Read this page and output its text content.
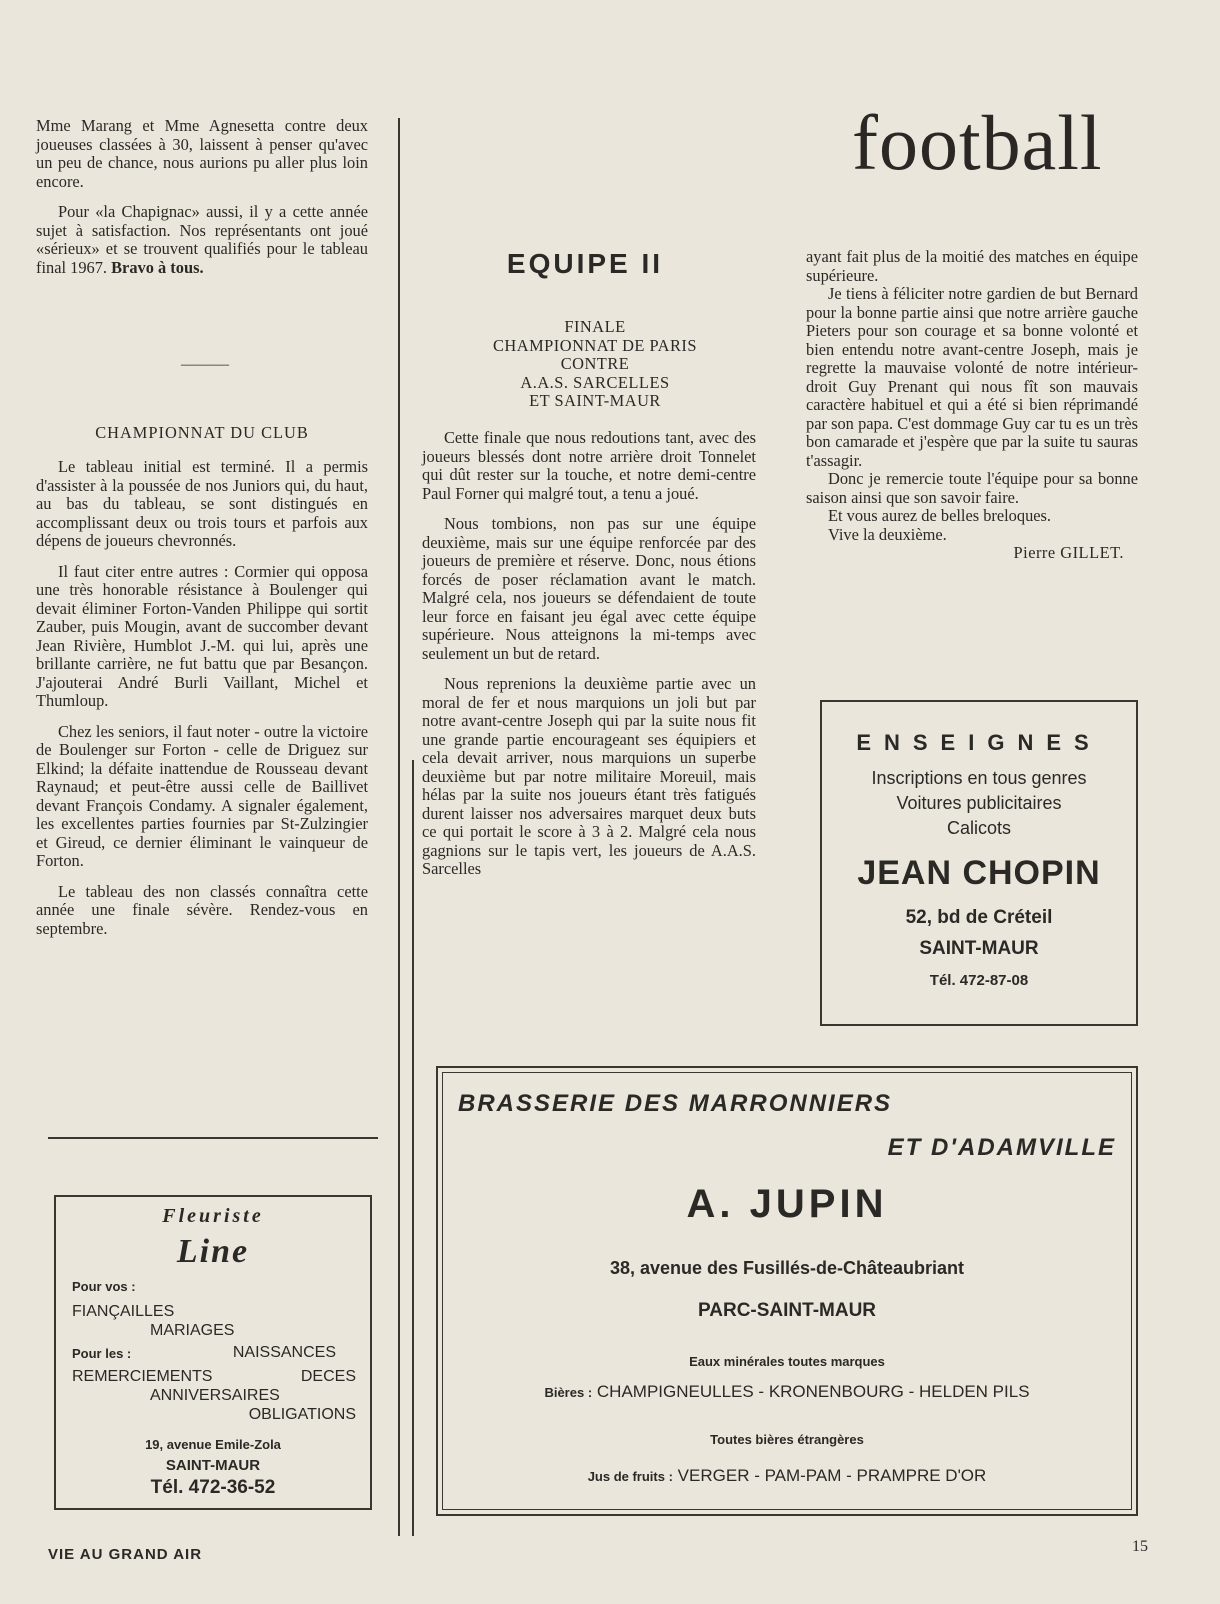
football

Mme Marang et Mme Agnesetta contre deux joueuses classées à 30, laissent à penser qu'avec un peu de chance, nous aurions pu aller plus loin encore.

Pour «la Chapignac» aussi, il y a cette année sujet à satisfaction. Nos représentants ont joué «sérieux» et se trouvent qualifiés pour le tableau final 1967. Bravo à tous.

———
CHAMPIONNAT DU CLUB

Le tableau initial est terminé. Il a permis d'assister à la poussée de nos Juniors qui, du haut, au bas du tableau, se sont distingués en accomplissant deux ou trois tours et parfois aux dépens de joueurs chevronnés.

Il faut citer entre autres : Cormier qui opposa une très honorable résistance à Boulenger qui devait éliminer Forton-Vanden Philippe qui sortit Zauber, puis Mougin, avant de succomber devant Jean Rivière, Humblot J.-M. qui lui, après une brillante carrière, ne fut battu que par Besançon. J'ajouterai André Burli Vaillant, Michel et Thumloup.

Chez les seniors, il faut noter - outre la victoire de Boulenger sur Forton - celle de Driguez sur Elkind; la défaite inattendue de Rousseau devant Raynaud; et peut-être aussi celle de Baillivet devant François Condamy. A signaler également, les excellentes parties fournies par St-Zulzingier et Gireud, ce dernier éliminant le vainqueur de Forton.

Le tableau des non classés connaîtra cette année une finale sévère. Rendez-vous en septembre.

EQUIPE II
FINALE
CHAMPIONNAT DE PARIS
CONTRE
A.A.S. SARCELLES
ET SAINT-MAUR

Cette finale que nous redoutions tant, avec des joueurs blessés dont notre arrière droit Tonnelet qui dût rester sur la touche, et notre demi-centre Paul Forner qui malgré tout, a tenu a joué.

Nous tombions, non pas sur une équipe deuxième, mais sur une équipe renforcée par des joueurs de première et réserve. Donc, nous étions forcés de poser réclamation avant le match. Malgré cela, nos joueurs se défendaient de toute leur force en faisant jeu égal avec cette équipe supérieure. Nous atteignons la mi-temps avec seulement un but de retard.

Nous reprenions la deuxième partie avec un moral de fer et nous marquions un joli but par notre avant-centre Joseph qui par la suite nous fit une grande partie encourageant ses équipiers et cela devait arriver, nous marquions un superbe deuxième but par notre militaire Moreuil, mais hélas par la suite nos joueurs étant très fatigués durent laisser nos adversaires marquet deux buts ce qui portait le score à 3 à 2. Malgré cela nous gagnions sur le tapis vert, les joueurs de A.A.S. Sarcelles

ayant fait plus de la moitié des matches en équipe supérieure.

Je tiens à féliciter notre gardien de but Bernard pour la bonne partie ainsi que notre arrière gauche Pieters pour son courage et sa bonne volonté et bien entendu notre avant-centre Joseph, mais je regrette la mauvaise volonté de notre intérieur-droit Guy Prenant qui nous fît son mauvais caractère habituel et qui a été si bien réprimandé par son papa. C'est dommage Guy car tu es un très bon camarade et j'espère que par la suite tu sauras t'assagir.

Donc je remercie toute l'équipe pour sa bonne saison ainsi que son savoir faire.

Et vous aurez de belles breloques.

Vive la deuxième.

Pierre GILLET.
ENSEIGNES
Inscriptions en tous genres
Voitures publicitaires
Calicots
JEAN CHOPIN
52, bd de Créteil
SAINT-MAUR
Tél. 472-87-08
BRASSERIE DES MARRONNIERS
ET D'ADAMVILLE
A. JUPIN
38, avenue des Fusillés-de-Châteaubriant
PARC-SAINT-MAUR
Eaux minérales toutes marques
Bières : CHAMPIGNEULLES - KRONENBOURG - HELDEN PILS
Toutes bières étrangères
Jus de fruits : VERGER - PAM-PAM - PRAMPRE D'OR
Fleuriste
Line
Pour vos :
FIANÇAILLES
MARIAGES
Pour les :	NAISSANCES
REMERCIEMENTS	DECES
ANNIVERSAIRES
OBLIGATIONS
19, avenue Emile-Zola
SAINT-MAUR
Tél. 472-36-52
VIE AU GRAND AIR	15
